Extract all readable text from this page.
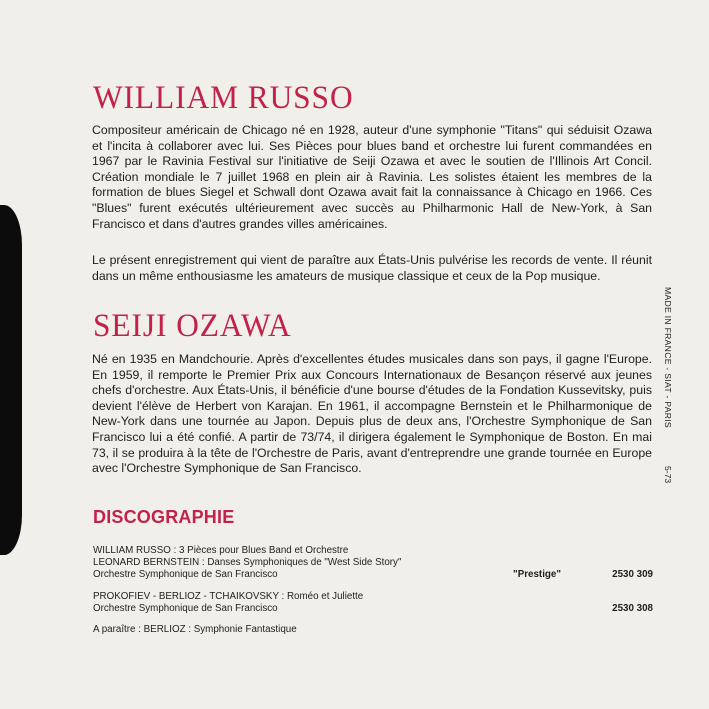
WILLIAM RUSSO

Compositeur américain de Chicago né en 1928, auteur d'une symphonie "Titans" qui séduisit Ozawa et l'incita à collaborer avec lui. Ses Pièces pour blues band et orchestre lui furent commandées en 1967 par le Ravinia Festival sur l'initiative de Seiji Ozawa et avec le soutien de l'Illinois Art Concil. Création mondiale le 7 juillet 1968 en plein air à Ravinia. Les solistes étaient les membres de la formation de blues Siegel et Schwall dont Ozawa avait fait la connaissance à Chicago en 1966. Ces "Blues" furent exécutés ultérieurement avec succès au Philharmonic Hall de New-York, à San Francisco et dans d'autres grandes villes américaines.

Le présent enregistrement qui vient de paraître aux États-Unis pulvérise les records de vente. Il réunit dans un même enthousiasme les amateurs de musique classique et ceux de la Pop musique.

SEIJI OZAWA

Né en 1935 en Mandchourie. Après d'excellentes études musicales dans son pays, il gagne l'Europe. En 1959, il remporte le Premier Prix aux Concours Internationaux de Besançon réservé aux jeunes chefs d'orchestre. Aux États-Unis, il bénéficie d'une bourse d'études de la Fondation Kussevitsky, puis devient l'élève de Herbert von Karajan. En 1961, il accompagne Bernstein et le Philharmonique de New-York dans une tournée au Japon. Depuis plus de deux ans, l'Orchestre Symphonique de San Francisco lui a été confié. A partir de 73/74, il dirigera également le Symphonique de Boston. En mai 73, il se produira à la tête de l'Orchestre de Paris, avant d'entreprendre une grande tournée en Europe avec l'Orchestre Symphonique de San Francisco.

DISCOGRAPHIE
WILLIAM RUSSO : 3 Pièces pour Blues Band et Orchestre
LEONARD BERNSTEIN : Danses Symphoniques de "West Side Story"
Orchestre Symphonique de San Francisco	"Prestige"	2530 309
PROKOFIEV - BERLIOZ - TCHAIKOVSKY : Roméo et Juliette
Orchestre Symphonique de San Francisco	2530 308
A paraître : BERLIOZ : Symphonie Fantastique
MADE IN FRANCE - SIAT - PARIS
5-73
